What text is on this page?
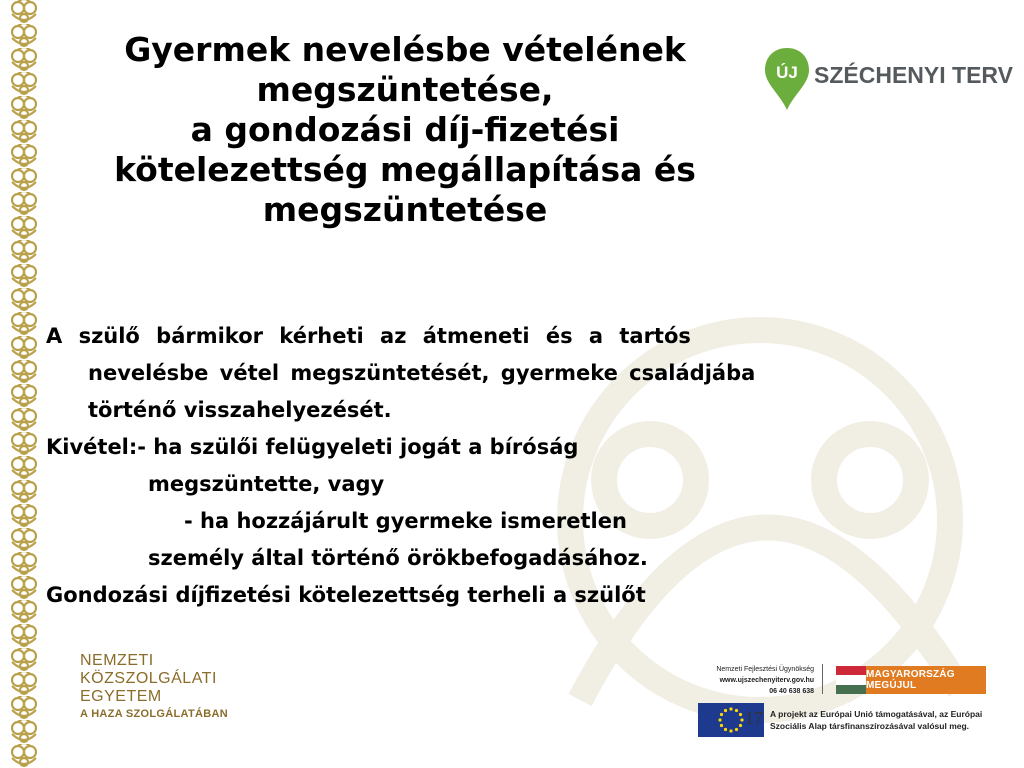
Gyermek nevelésbe vételének
megszüntetése,
a gondozási díj-fizetési
kötelezettség megállapítása és
megszüntetése
ÚJ SZÉCHENYI TERV

A szülő bármikor kérheti az átmeneti és a tartós
nevelésbe vétel megszüntetését, gyermeke családjába
történő visszahelyezését.

Kivétel:- ha szülői felügyeleti jogát a bíróság
megszüntette, vagy

- ha hozzájárult gyermeke ismeretlen
személy által történő örökbefogadásához.

Gondozási díjfizetési kötelezettség terheli a szülőt

NEMZETI
KÖZSZOLGÁLATI
EGYETEM
A HAZA SZOLGÁLATÁBAN
Nemzeti Fejlesztési Ügynökség
www.ujszechenyiterv.gov.hu
06 40 638 638
MAGYARORSZÁG MEGÚJUL
A projekt az Európai Unió támogatásával, az Európai
Szociális Alap társfinanszírozásával valósul meg.
17
